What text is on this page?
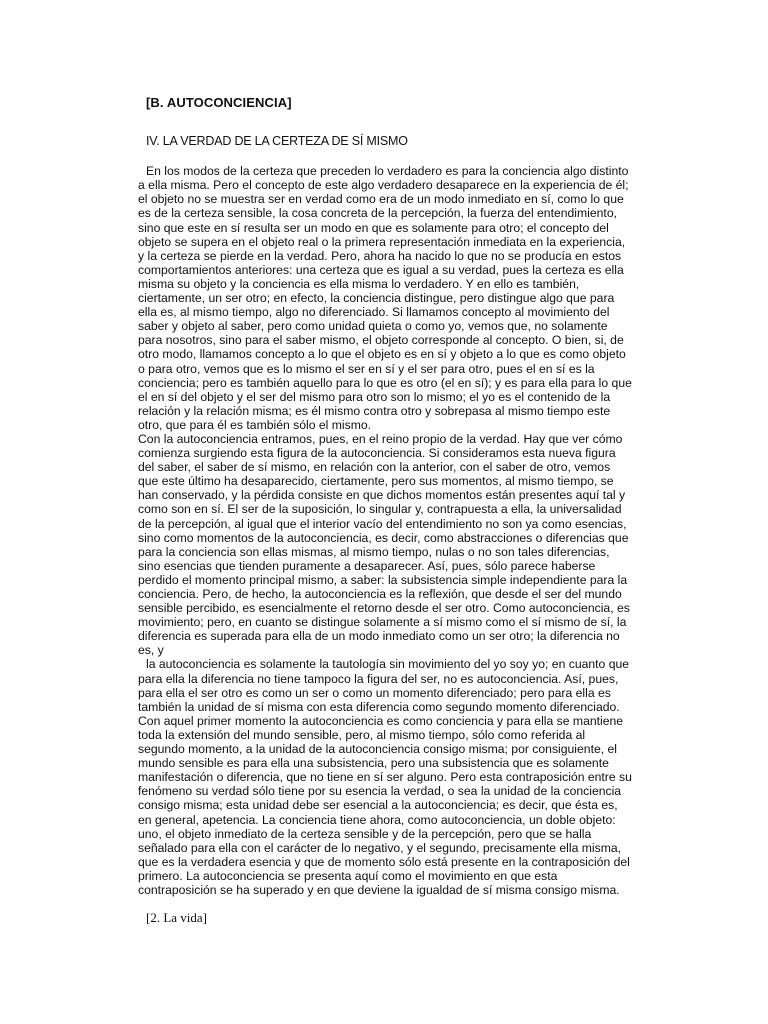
[B. AUTOCONCIENCIA]
IV. LA VERDAD DE LA CERTEZA DE SÍ MISMO

En los modos de la certeza que preceden lo verdadero es para la conciencia algo distinto a ella misma. Pero el concepto de este algo verdadero desaparece en la experiencia de él; el objeto no se muestra ser en verdad como era de un modo inmediato en sí, como lo que es de la certeza sensible, la cosa concreta de la percepción, la fuerza del entendimiento, sino que este en sí resulta ser un modo en que es solamente para otro; el concepto del objeto se supera en el objeto real o la primera representación inmediata en la experiencia, y la certeza se pierde en la verdad. Pero, ahora ha nacido lo que no se producía en estos comportamientos anteriores: una certeza que es igual a su verdad, pues la certeza es ella misma su objeto y la conciencia es ella misma lo verdadero. Y en ello es también, ciertamente, un ser otro; en efecto, la conciencia distingue, pero distingue algo que para ella es, al mismo tiempo, algo no diferenciado. Si llamamos concepto al movimiento del saber y objeto al saber, pero como unidad quieta o como yo, vemos que, no solamente para nosotros, sino para el saber mismo, el objeto corresponde al concepto. O bien, si, de otro modo, llamamos concepto a lo que el objeto es en sí y objeto a lo que es como objeto o para otro, vemos que es lo mismo el ser en sí y el ser para otro, pues el en sí es la conciencia; pero es también aquello para lo que es otro (el en sí); y es para ella para lo que el en sí del objeto y el ser del mismo para otro son lo mismo; el yo es el contenido de la relación y la relación misma; es él mismo contra otro y sobrepasa al mismo tiempo este otro, que para él es también sólo el mismo.

Con la autoconciencia entramos, pues, en el reino propio de la verdad. Hay que ver cómo comienza surgiendo esta figura de la autoconciencia. Si consideramos esta nueva figura del saber, el saber de sí mismo, en relación con la anterior, con el saber de otro, vemos que este último ha desaparecido, ciertamente, pero sus momentos, al mismo tiempo, se han conservado, y la pérdida consiste en que dichos momentos están presentes aquí tal y como son en sí. El ser de la suposición, lo singular y, contrapuesta a ella, la universalidad de la percepción, al igual que el interior vacío del entendimiento no son ya como esencias, sino como momentos de la autoconciencia, es decir, como abstracciones o diferencias que para la conciencia son ellas mismas, al mismo tiempo, nulas o no son tales diferencias, sino esencias que tienden puramente a desaparecer. Así, pues, sólo parece haberse perdido el momento principal mismo, a saber: la subsistencia simple independiente para la conciencia. Pero, de hecho, la autoconciencia es la reflexión, que desde el ser del mundo sensible percibido, es esencialmente el retorno desde el ser otro. Como autoconciencia, es movimiento; pero, en cuanto se distingue solamente a sí mismo como el sí mismo de sí, la diferencia es superada para ella de un modo inmediato como un ser otro; la diferencia no es, y

la autoconciencia es solamente la tautología sin movimiento del yo soy yo; en cuanto que para ella la diferencia no tiene tampoco la figura del ser, no es autoconciencia. Así, pues, para ella el ser otro es como un ser o como un momento diferenciado; pero para ella es también la unidad de sí misma con esta diferencia como segundo momento diferenciado. Con aquel primer momento la autoconciencia es como conciencia y para ella se mantiene toda la extensión del mundo sensible, pero, al mismo tiempo, sólo como referida al segundo momento, a la unidad de la autoconciencia consigo misma; por consiguiente, el mundo sensible es para ella una subsistencia, pero una subsistencia que es solamente manifestación o diferencia, que no tiene en sí ser alguno. Pero esta contraposición entre su fenómeno su verdad sólo tiene por su esencia la verdad, o sea la unidad de la conciencia consigo misma; esta unidad debe ser esencial a la autoconciencia; es decir, que ésta es, en general, apetencia. La conciencia tiene ahora, como autoconciencia, un doble objeto: uno, el objeto inmediato de la certeza sensible y de la percepción, pero que se halla señalado para ella con el carácter de lo negativo, y el segundo, precisamente ella misma, que es la verdadera esencia y que de momento sólo está presente en la contraposición del primero. La autoconciencia se presenta aquí como el movimiento en que esta contraposición se ha superado y en que deviene la igualdad de sí misma consigo misma.

[2. La vida]
